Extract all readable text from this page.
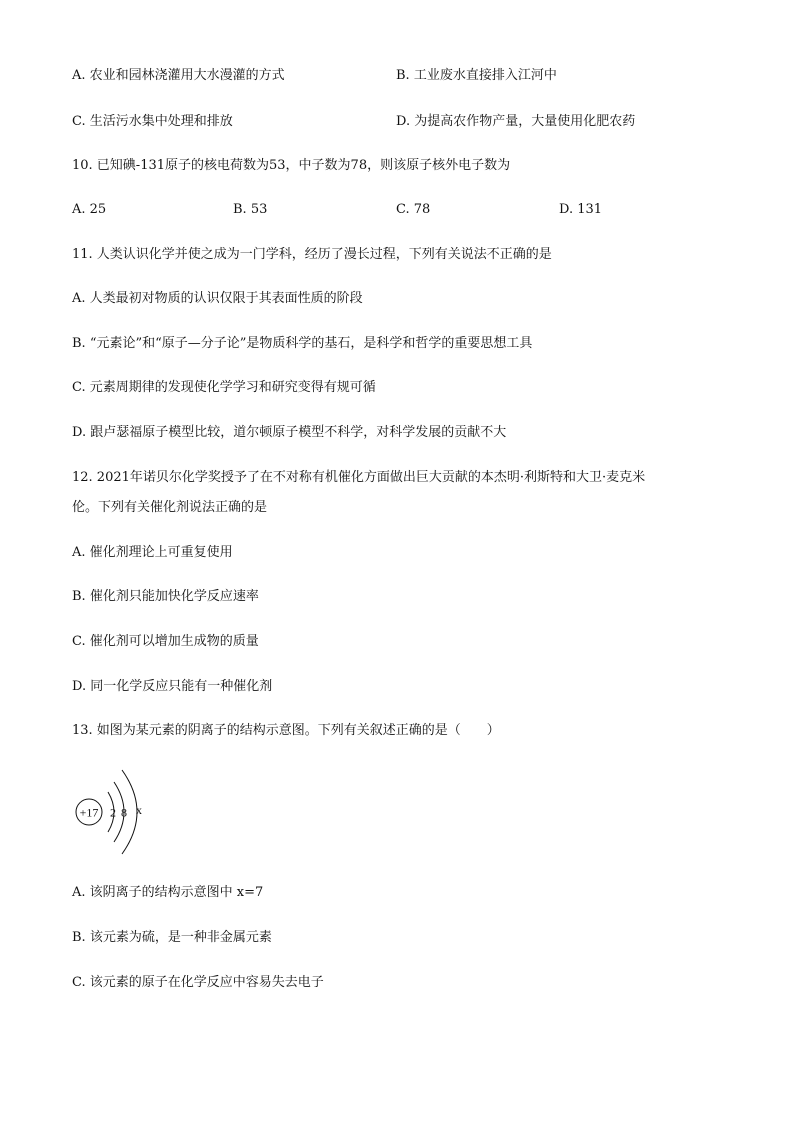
A. 农业和园林浇灌用大水漫灌的方式	B. 工业废水直接排入江河中
C. 生活污水集中处理和排放	D. 为提高农作物产量，大量使用化肥农药
10. 已知碘-131原子的核电荷数为53，中子数为78，则该原子核外电子数为
A. 25	B. 53	C. 78	D. 131
11. 人类认识化学并使之成为一门学科，经历了漫长过程，下列有关说法不正确的是
A. 人类最初对物质的认识仅限于其表面性质的阶段
B. “元素论”和“原子—分子论”是物质科学的基石，是科学和哲学的重要思想工具
C. 元素周期律的发现使化学学习和研究变得有规可循
D. 跟卢瑟福原子模型比较，道尔顿原子模型不科学，对科学发展的贡献不大
12. 2021年诺贝尔化学奖授予了在不对称有机催化方面做出巨大贡献的本杰明·利斯特和大卫·麦克米
伦。下列有关催化剂说法正确的是
A. 催化剂理论上可重复使用
B. 催化剂只能加快化学反应速率
C. 催化剂可以增加生成物的质量
D. 同一化学反应只能有一种催化剂
13. 如图为某元素的阴离子的结构示意图。下列有关叙述正确的是（　　）
+17 2 8 x
A. 该阴离子的结构示意图中 x=7
B. 该元素为硫，是一种非金属元素
C. 该元素的原子在化学反应中容易失去电子
